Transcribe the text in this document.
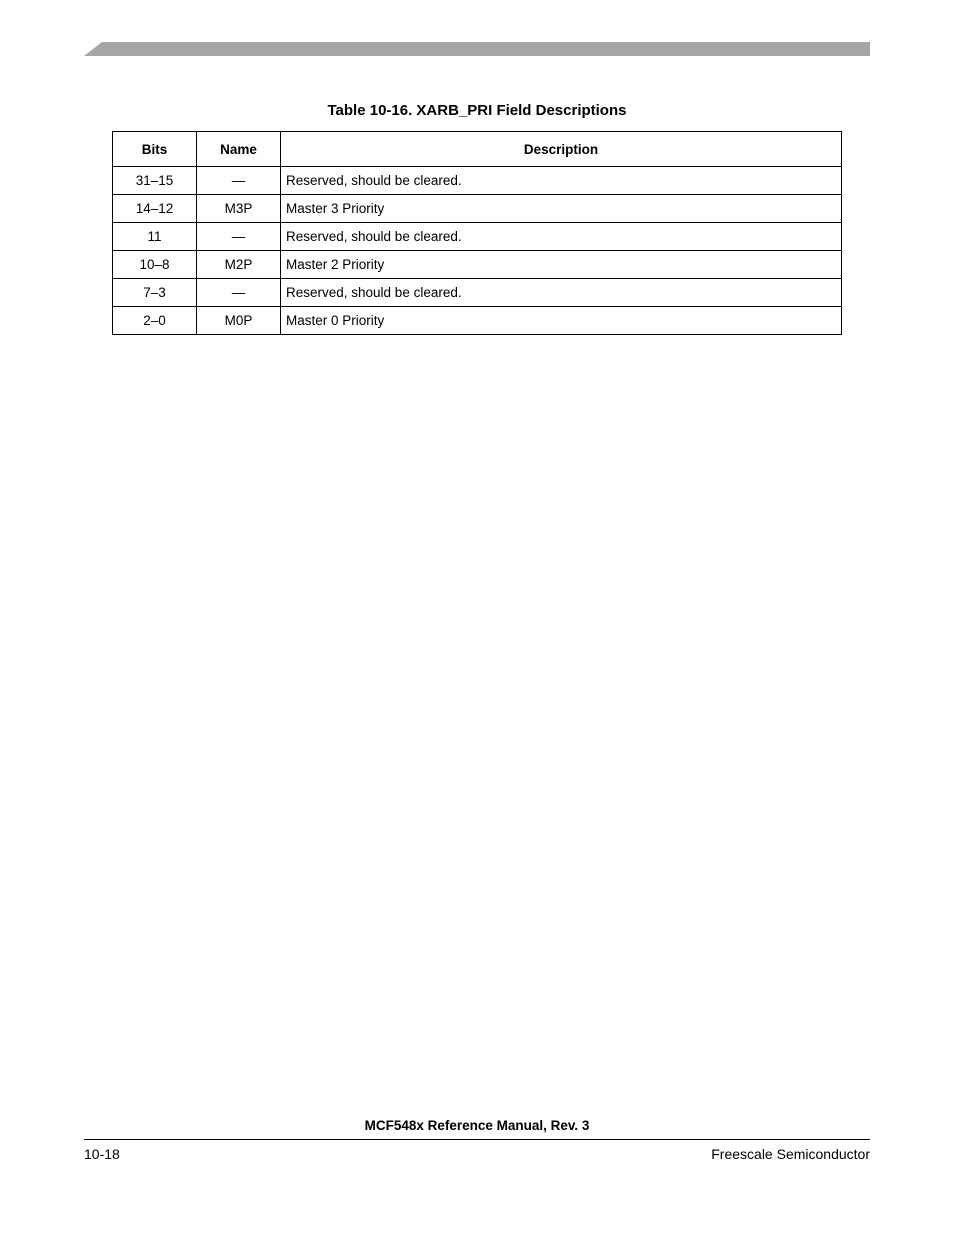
Table 10-16. XARB_PRI Field Descriptions
Bits	Name	Description
31–15	—	Reserved, should be cleared.
14–12	M3P	Master 3 Priority
11	—	Reserved, should be cleared.
10–8	M2P	Master 2 Priority
7–3	—	Reserved, should be cleared.
2–0	M0P	Master 0 Priority
MCF548x Reference Manual, Rev. 3
10-18	Freescale Semiconductor
